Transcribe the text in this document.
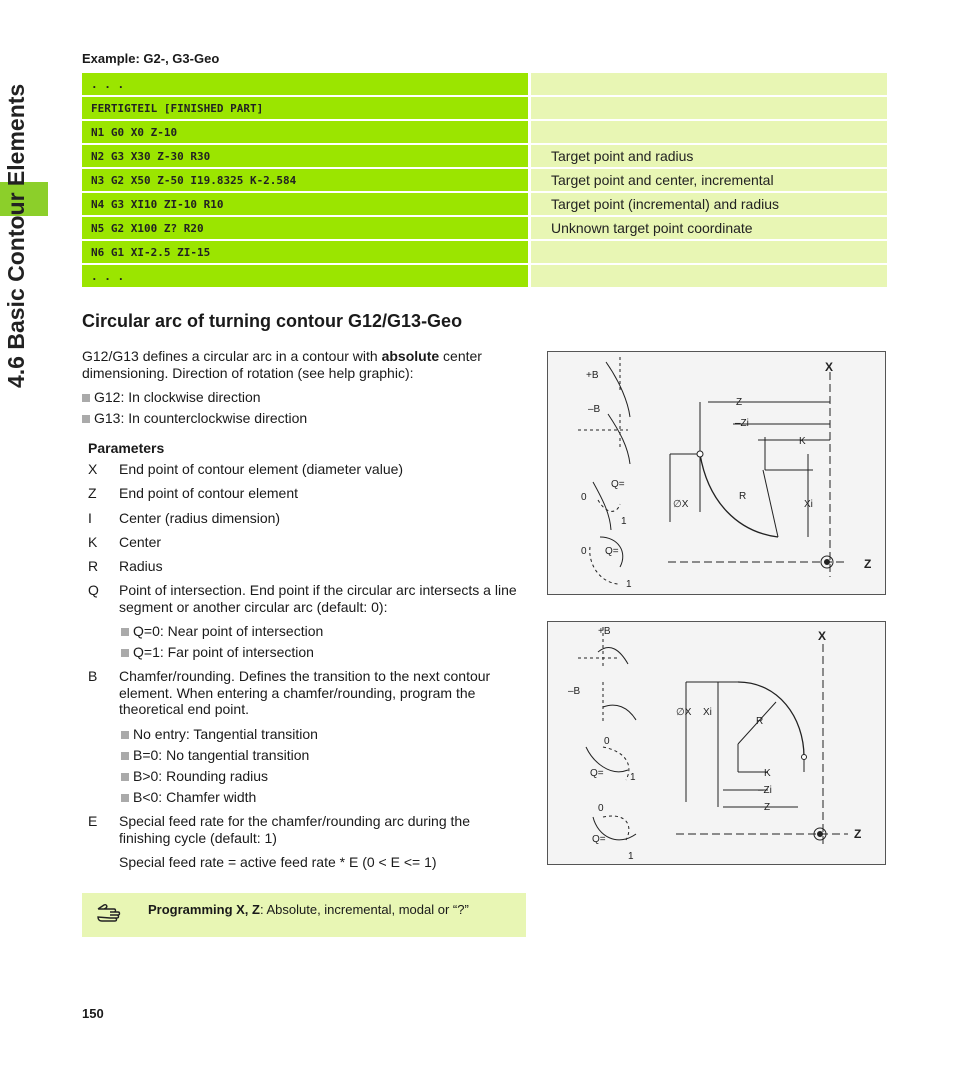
4.6 Basic Contour Elements
Example: G2-, G3-Geo
. . .
FERTIGTEIL [FINISHED PART]
N1 G0 X0 Z-10
N2 G3 X30 Z-30 R30	Target point and radius
N3 G2 X50 Z-50 I19.8325 K-2.584	Target point and center, incremental
N4 G3 XI10 ZI-10 R10	Target point (incremental) and radius
N5 G2 X100 Z? R20	Unknown target point coordinate
N6 G1 XI-2.5 ZI-15
. . .
Circular arc of turning contour G12/G13-Geo
G12/G13 defines a circular arc in a contour with absolute center dimensioning. Direction of rotation (see help graphic):
G12: In clockwise direction
G13: In counterclockwise direction
Parameters
X End point of contour element (diameter value)
Z End point of contour element
I Center (radius dimension)
K Center
R Radius
Q Point of intersection. End point if the circular arc intersects a line segment or another circular arc (default: 0):
Q=0: Near point of intersection
Q=1: Far point of intersection
B Chamfer/rounding. Defines the transition to the next contour element. When entering a chamfer/rounding, program the theoretical end point.
No entry: Tangential transition
B=0: No tangential transition
B>0: Rounding radius
B<0: Chamfer width
E Special feed rate for the chamfer/rounding arc during the finishing cycle (default: 1)
Special feed rate = active feed rate * E (0 < E <= 1)
Programming X, Z: Absolute, incremental, modal or “?”
150
+B
–B
Q=
0
1
Q=
0
1
X
Z
Z
–Zi
K
R
∅X	Xi
+B
–B
0
Q=	1
0
Q=
1
X
Z
∅X Xi
R
K
–Zi
Z
